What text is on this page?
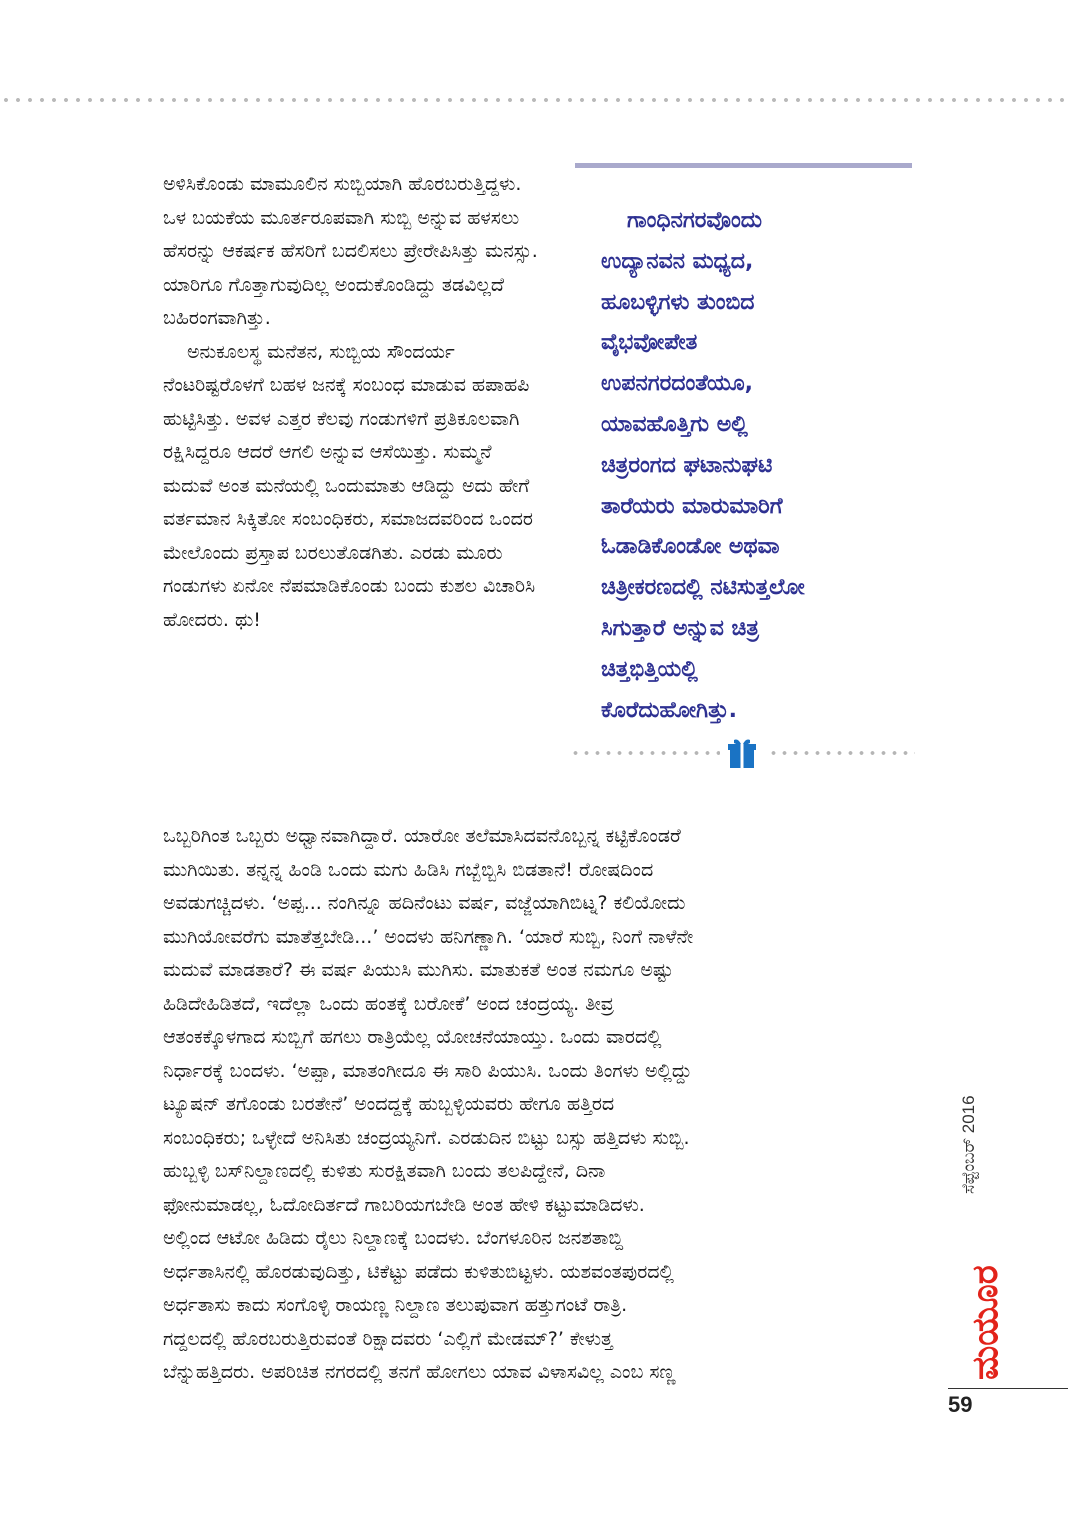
ಅಳಿಸಿಕೊಂಡು ಮಾಮೂಲಿನ ಸುಬ್ಬಿಯಾಗಿ ಹೊರಬರುತ್ತಿದ್ದಳು. ಒಳ ಬಯಕೆಯ ಮೂರ್ತರೂಪವಾಗಿ ಸುಬ್ಬಿ ಅನ್ನುವ ಹಳಸಲು ಹೆಸರನ್ನು ಆಕರ್ಷಕ ಹೆಸರಿಗೆ ಬದಲಿಸಲು ಪ್ರೇರೇಪಿಸಿತ್ತು ಮನಸ್ಸು. ಯಾರಿಗೂ ಗೊತ್ತಾಗುವುದಿಲ್ಲ ಅಂದುಕೊಂಡಿದ್ದು ತಡವಿಲ್ಲದೆ ಬಹಿರಂಗವಾಗಿತ್ತು.

ಅನುಕೂಲಸ್ಥ ಮನೆತನ, ಸುಬ್ಬಿಯ ಸೌಂದರ್ಯ ನೆಂಟರಿಷ್ಟರೊಳಗೆ ಬಹಳ ಜನಕ್ಕೆ ಸಂಬಂಧ ಮಾಡುವ ಹಪಾಹಪಿ ಹುಟ್ಟಿಸಿತ್ತು. ಅವಳ ಎತ್ತರ ಕೆಲವು ಗಂಡುಗಳಿಗೆ ಪ್ರತಿಕೂಲವಾಗಿ ರಕ್ಷಿಸಿದ್ದರೂ ಆದರೆ ಆಗಲಿ ಅನ್ನುವ ಆಸೆಯಿತ್ತು. ಸುಮ್ಮನೆ ಮದುವೆ ಅಂತ ಮನೆಯಲ್ಲಿ ಒಂದುಮಾತು ಆಡಿದ್ದು ಅದು ಹೇಗೆ ವರ್ತಮಾನ ಸಿಕ್ಕಿತೋ ಸಂಬಂಧಿಕರು, ಸಮಾಜದವರಿಂದ ಒಂದರ ಮೇಲೊಂದು ಪ್ರಸ್ತಾಪ ಬರಲುತೊಡಗಿತು. ಎರಡು ಮೂರು ಗಂಡುಗಳು ಏನೋ ನೆಪಮಾಡಿಕೊಂಡು ಬಂದು ಕುಶಲ ವಿಚಾರಿಸಿ ಹೋದರು. ಥು!

ಗಾಂಧಿನಗರವೊಂದು
ಉದ್ಯಾನವನ ಮಧ್ಯದ,
ಹೂಬಳ್ಳಿಗಳು ತುಂಬಿದ
ವೈಭವೋಪೇತ
ಉಪನಗರದಂತೆಯೂ,
ಯಾವಹೊತ್ತಿಗು ಅಲ್ಲಿ
ಚಿತ್ರರಂಗದ ಘಟಾನುಘಟಿ
ತಾರೆಯರು ಮಾರುಮಾರಿಗೆ
ಓಡಾಡಿಕೊಂಡೋ ಅಥವಾ
ಚಿತ್ರೀಕರಣದಲ್ಲಿ ನಟಿಸುತ್ತಲೋ
ಸಿಗುತ್ತಾರೆ ಅನ್ನುವ ಚಿತ್ರ
ಚಿತ್ತಭಿತ್ತಿಯಲ್ಲಿ
ಕೊರೆದುಹೋಗಿತ್ತು.
ಒಬ್ಬರಿಗಿಂತ ಒಬ್ಬರು ಅಧ್ವಾನವಾಗಿದ್ದಾರೆ. ಯಾರೋ ತಲೆಮಾಸಿದವನೊಬ್ಬನ್ನ ಕಟ್ಟಿಕೊಂಡರೆ
ಮುಗಿಯಿತು. ತನ್ನನ್ನ ಹಿಂಡಿ ಒಂದು ಮಗು ಹಿಡಿಸಿ ಗಬ್ಬೆಬ್ಬಿಸಿ ಬಿಡತಾನೆ! ರೋಷದಿಂದ
ಅವಡುಗಚ್ಚಿದಳು. ‘ಅಪ್ಪ... ನಂಗಿನ್ನೂ ಹದಿನೆಂಟು ವರ್ಷ, ವಜ್ಜೆಯಾಗಿಬಿಟ್ನ? ಕಲಿಯೋದು
ಮುಗಿಯೋವರೆಗು ಮಾತೆತ್ತಬೇಡಿ...’ ಅಂದಳು ಹನಿಗಣ್ಣಾಗಿ. ‘ಯಾರೆ ಸುಬ್ಬಿ, ನಿಂಗೆ ನಾಳೆನೇ
ಮದುವೆ ಮಾಡತಾರೆ? ಈ ವರ್ಷ ಪಿಯುಸಿ ಮುಗಿಸು. ಮಾತುಕತೆ ಅಂತ ನಮಗೂ ಅಷ್ಟು
ಹಿಡಿದೇಹಿಡಿತದೆ, ಇದೆಲ್ಲಾ ಒಂದು ಹಂತಕ್ಕೆ ಬರೋಕೆ’ ಅಂದ ಚಂದ್ರಯ್ಯ. ತೀವ್ರ
ಆತಂಕಕ್ಕೊಳಗಾದ ಸುಬ್ಬಿಗೆ ಹಗಲು ರಾತ್ರಿಯೆಲ್ಲ ಯೋಚನೆಯಾಯ್ತು. ಒಂದು ವಾರದಲ್ಲಿ
ನಿರ್ಧಾರಕ್ಕೆ ಬಂದಳು. ‘ಅಪ್ಪಾ, ಮಾತಂಗೀದೂ ಈ ಸಾರಿ ಪಿಯುಸಿ. ಒಂದು ತಿಂಗಳು ಅಲ್ಲಿದ್ದು
ಟ್ಯೂಷನ್ ತಗೊಂಡು ಬರತೇನೆ’ ಅಂದದ್ದಕ್ಕೆ ಹುಬ್ಬಳ್ಳಿಯವರು ಹೇಗೂ ಹತ್ತಿರದ
ಸಂಬಂಧಿಕರು; ಒಳ್ಳೇದೆ ಅನಿಸಿತು ಚಂದ್ರಯ್ಯನಿಗೆ. ಎರಡುದಿನ ಬಿಟ್ಟು ಬಸ್ಸು ಹತ್ತಿದಳು ಸುಬ್ಬಿ.
ಹುಬ್ಬಳ್ಳಿ ಬಸ್‌ನಿಲ್ದಾಣದಲ್ಲಿ ಕುಳಿತು ಸುರಕ್ಷಿತವಾಗಿ ಬಂದು ತಲಪಿದ್ದೇನೆ, ದಿನಾ
ಫೋನುಮಾಡಲ್ಲ, ಓದೋದಿರ್ತದೆ ಗಾಬರಿಯಗಬೇಡಿ ಅಂತ ಹೇಳಿ ಕಟ್ಟುಮಾಡಿದಳು.
ಅಲ್ಲಿಂದ ಆಟೋ ಹಿಡಿದು ರೈಲು ನಿಲ್ದಾಣಕ್ಕೆ ಬಂದಳು. ಬೆಂಗಳೂರಿನ ಜನಶತಾಬ್ದಿ
ಅರ್ಧತಾಸಿನಲ್ಲಿ ಹೊರಡುವುದಿತ್ತು, ಟಿಕೆಟ್ಟು ಪಡೆದು ಕುಳಿತುಬಿಟ್ಟಳು. ಯಶವಂತಪುರದಲ್ಲಿ
ಅರ್ಧತಾಸು ಕಾದು ಸಂಗೊಳ್ಳಿ ರಾಯಣ್ಣ ನಿಲ್ದಾಣ ತಲುಪುವಾಗ ಹತ್ತುಗಂಟೆ ರಾತ್ರಿ.
ಗದ್ದಲದಲ್ಲಿ ಹೊರಬರುತ್ತಿರುವಂತೆ ರಿಕ್ಷಾದವರು ‘ಎಲ್ಲಿಗೆ ಮೇಡಮ್?’ ಕೇಳುತ್ತ
ಬೆನ್ನುಹತ್ತಿದರು. ಅಪರಿಚಿತ ನಗರದಲ್ಲಿ ತನಗೆ ಹೋಗಲು ಯಾವ ವಿಳಾಸವಿಲ್ಲ ಎಂಬ ಸಣ್ಣ
ಸೆಪ್ಟೆಂಬರ್ 2016
ಮಯೂರ
59
